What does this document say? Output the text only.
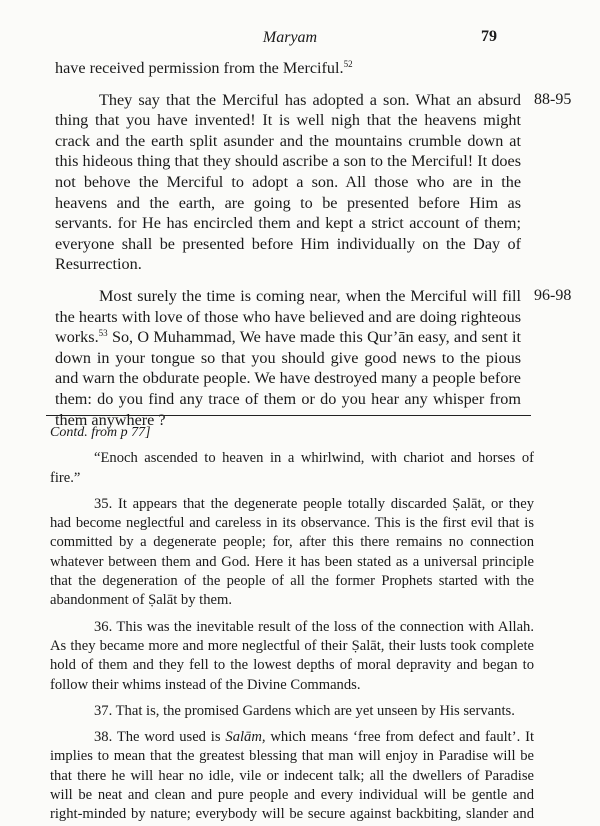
Maryam	79

have received permission from the Merciful.$^{52}$

They say that the Merciful has adopted a son. What an absurd thing that you have invented! It is well nigh that the heavens might crack and the earth split asunder and the mountains crumble down at this hideous thing that they should ascribe a son to the Merciful! It does not behove the Merciful to adopt a son. All those who are in the heavens and the earth, are going to be presented before Him as servants. for He has encircled them and kept a strict account of them; everyone shall be presented before Him individually on the Day of Resurrection.

88-95

Most surely the time is coming near, when the Merciful will fill the hearts with love of those who have believed and are doing righteous works.$^{53}$ So, O Muhammad, We have made this Qur’ān easy, and sent it down in your tongue so that you should give good news to the pious and warn the obdurate people. We have destroyed many a people before them: do you find any trace of them or do you hear any whisper from them anywhere ?

96-98

Contd. from p 77]

“Enoch ascended to heaven in a whirlwind, with chariot and horses of fire.”

35. It appears that the degenerate people totally discarded Ṣalāt, or they had become neglectful and careless in its observance. This is the first evil that is committed by a degenerate people; for, after this there remains no connection whatever between them and God. Here it has been stated as a universal principle that the degeneration of the people of all the former Prophets started with the abandonment of Ṣalāt by them.

36. This was the inevitable result of the loss of the connection with Allah. As they became more and more neglectful of their Ṣalāt, their lusts took complete hold of them and they fell to the lowest depths of moral depravity and began to follow their whims instead of the Divine Commands.

37. That is, the promised Gardens which are yet unseen by His servants.

38. The word used is Salām, which means ‘free from defect and fault’. It implies to mean that the greatest blessing that man will enjoy in Paradise will be that there he will hear no idle, vile or indecent talk; all the dwellers of Paradise will be neat and clean and pure people and every individual will be gentle and right-minded by nature; everybody will be secure against backbiting, slander and
